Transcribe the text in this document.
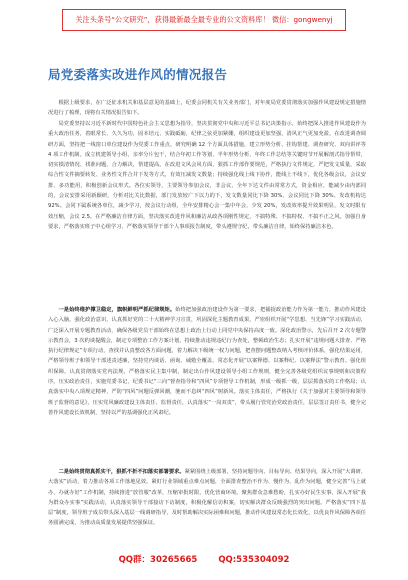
关注头条号“公文研究”，获得最新最全最专业的公文资料库！ 微信：gongwenyj
局党委落实改进作风的情况报告

根据上级要求，在广泛征求机关和基层意见的基础上，纪委会同机关有关业务部门，对年度局党委贯彻落实加强作风建设规定措施情况进行了梳理，现将有关情况报告如下。

局党委坚持以习近平新时代中国特色社会主义思想为指导，坚决贯彻党中央和习近平总书记决策指示，始终把深入推进作风建设作为重大政治任务，着眼常长、久久为功，固本培元、实践砥砺，纪律之弦更加紧绷，组织建设更加坚强，清风正气更加充盈。在改进调查调研方面，坚持把一线窗口单位建设作为党委工作重点，研究明确 12 个方面具体措施，建立形势分析、挂钩帮建、调查研究、双向讲评等 4 项工作机制。成立机建领导小组，亲率分片包干，结合年初工作等划、半年形势分析、年终工作总结等关键时节开展解剖式指导帮带，切实摸清情况、找准问题、合力解决，帮建提高。在改进文风会风方面，狠抓工作部作要规范，严格执行文件规定，严把发文质量，采取综合性文件摘要转发、业务性文件合并下发等方式，有效压减发文数量；持续强化线上线下协作，能线上不线下，优化各级会议，会议安排、多功能用，积极创新会议形式。各位实领导，主要领导参加会议，非会议，全年下达文件由常常方式，资金相应，能减少由内部同的，会议安排采用新颖研，分析对比关比数据，部门发放较广下以力的下，发文数量同比下降 30%、会议同比下降 30%、发改机构达 92%。会同下属系统各单位，减少学习，按会议行动组，全年安排精心会一集中年会，少发 20%，发改效率提升效果明显，发文时限有效压缩，会议 2.5。在严格廉洁自律方面，坚决落实改进作风和廉洁从政各项刚性规定，不搞特殊、不搞特权、不搞不正之风。加强自身要求，严格落实班子中心组学习、严格落实领导干部个人事项报告制度，带头遵规守纪，带头廉洁自律，始终保持廉洁本色。

一是始终维护撑卫稳定，旗帜鲜明严抓纪律规矩。始终把加强政治建设作为第一要求，把捕捉政治能力作为第一能力，推动作风建设入心入脑。强化政治意识，认真抓好党的二十大精神学习宣贯，巩固深化主题教育成果，严密组织开展“学思想、当先锋”学习实践活动，广泛深入开展专题教育活动，确保各级党员干部始终在思想上政治上行动上同党中央保持高度一致。深化政治警示，先后召开 2 次专题警示教育会，3 次约谈提醒会，制定专项整治工作方案计划，持续推动违规违纪行为查处，整顿政治生态；扎实开展“违规问题大排查、严格执行纪律规定”专项行动，查找并认真整改各方面问题，着力解决下级统一权力问题，把查摆问题整改纳入考核评价体系，强化结果运用，严格领导班子和领导干部述责述廉，坚持党内谈话、函询、诫勉全覆盖，常态化开展“以案释德、以案释纪、以案释法”警示教育。强化组织保障，认真贯彻落实党内法规，严格落实民主集中制，制定出台作风建设领导小组工作规则，健全完善各级党组织议事规则和决策程序。压实政治责任，实施党委书记、纪委书记“三向”督查指导和“四风”专项督导工作机制，形成一级抓一级、层层抓落实的工作格局；认真落实中央八项规定精神，严防“四风”问题反弹回潮，驰而不息纠“四风”树新风。落实主体责任，严格执行《关于加强对主要领导和领导班子监督的意见》，压实党风廉政建设主体责任、监督责任，认真落实“一岗双责”，带头履行管党治党政治责任，层层签订责任书，健全完善作风建设长效机制，坚持以严的基调强化正风肃纪。

二是始终贯彻真抓实干，狠抓不折不扣落实部署要求。紧紧围绕上级部署，坚持问题导向、目标导向、结果导向，深入开展“大调研、大落实”活动，着力推动各项工作落地见效。紧盯行业领域重点难点问题，全面排查整治不作为、慢作为、乱作为问题，健全完善“马上就办、办就办好”工作机制，持续推进“放管服”改革，压缩审批时限，优化营商环境。聚焦群众急难愁盼，扎实办好民生实事，深入开展“我为群众办实事”实践活动，认真落实领导干部接访下访制度，积极化解信访积案，切实解决群众反映强烈的突出问题。严格落实“四下基层”制度，领导班子成员带头深入基层一线调研指导，及时帮助解决实际困难和问题，推动作风建设常态化长效化，以优良作风保障各项任务圆满完成，为推动高质量发展提供坚强保证。

QQ群：30265665 QQ:535304092
